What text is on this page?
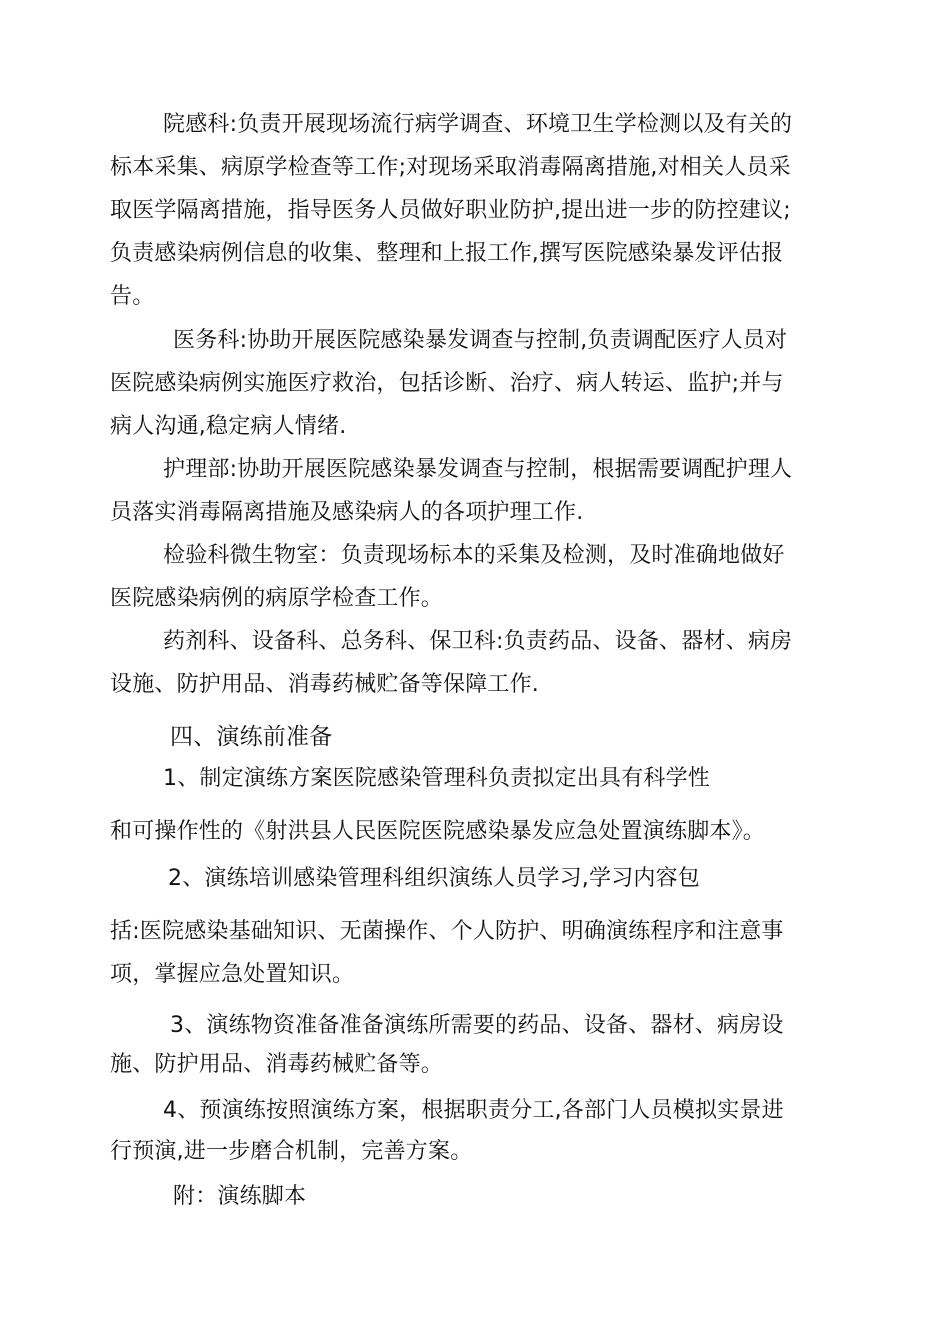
院感科:负责开展现场流行病学调查、环境卫生学检测以及有关的
标本采集、病原学检查等工作;对现场采取消毒隔离措施,对相关人员采
取医学隔离措施，指导医务人员做好职业防护,提出进一步的防控建议;
负责感染病例信息的收集、整理和上报工作,撰写医院感染暴发评估报
告。
医务科:协助开展医院感染暴发调查与控制,负责调配医疗人员对
医院感染病例实施医疗救治，包括诊断、治疗、病人转运、监护;并与
病人沟通,稳定病人情绪.
护理部:协助开展医院感染暴发调查与控制，根据需要调配护理人
员落实消毒隔离措施及感染病人的各项护理工作.
检验科微生物室：负责现场标本的采集及检测，及时准确地做好
医院感染病例的病原学检查工作。
药剂科、设备科、总务科、保卫科:负责药品、设备、器材、病房
设施、防护用品、消毒药械贮备等保障工作.
四、演练前准备
1、制定演练方案医院感染管理科负责拟定出具有科学性
和可操作性的《射洪县人民医院医院感染暴发应急处置演练脚本》。
2、演练培训感染管理科组织演练人员学习,学习内容包
括:医院感染基础知识、无菌操作、个人防护、明确演练程序和注意事
项，掌握应急处置知识。
3、演练物资准备准备演练所需要的药品、设备、器材、病房设
施、防护用品、消毒药械贮备等。
4、预演练按照演练方案，根据职责分工,各部门人员模拟实景进
行预演,进一步磨合机制，完善方案。
附：演练脚本
